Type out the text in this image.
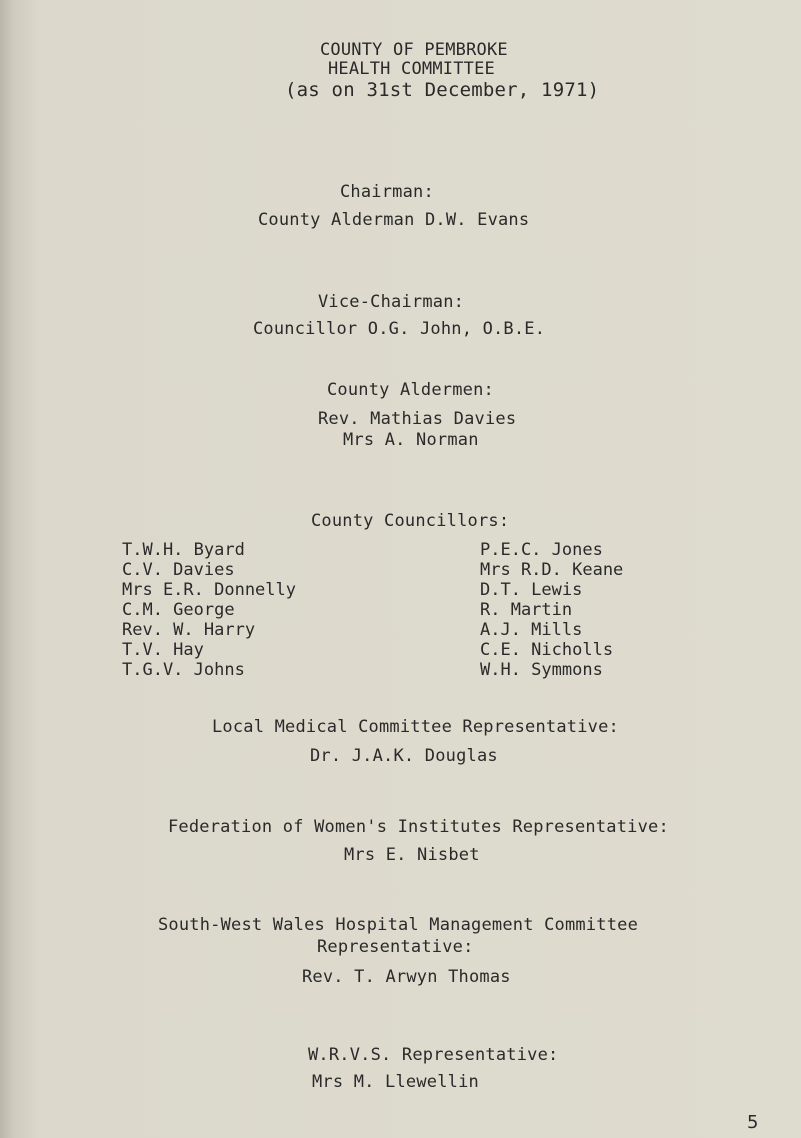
COUNTY OF PEMBROKE
HEALTH COMMITTEE
(as on 31st December, 1971)
Chairman:
County Alderman D.W. Evans
Vice-Chairman:
Councillor O.G. John, O.B.E.
County Aldermen:
Rev. Mathias Davies
Mrs A. Norman
County Councillors:
T.W.H. Byard
C.V. Davies
Mrs E.R. Donnelly
C.M. George
Rev. W. Harry
T.V. Hay
T.G.V. Johns
P.E.C. Jones
Mrs R.D. Keane
D.T. Lewis
R. Martin
A.J. Mills
C.E. Nicholls
W.H. Symmons
Local Medical Committee Representative:
Dr. J.A.K. Douglas
Federation of Women's Institutes Representative:
Mrs E. Nisbet
South-West Wales Hospital Management Committee
Representative:
Rev. T. Arwyn Thomas
W.R.V.S. Representative:
Mrs M. Llewellin
5
